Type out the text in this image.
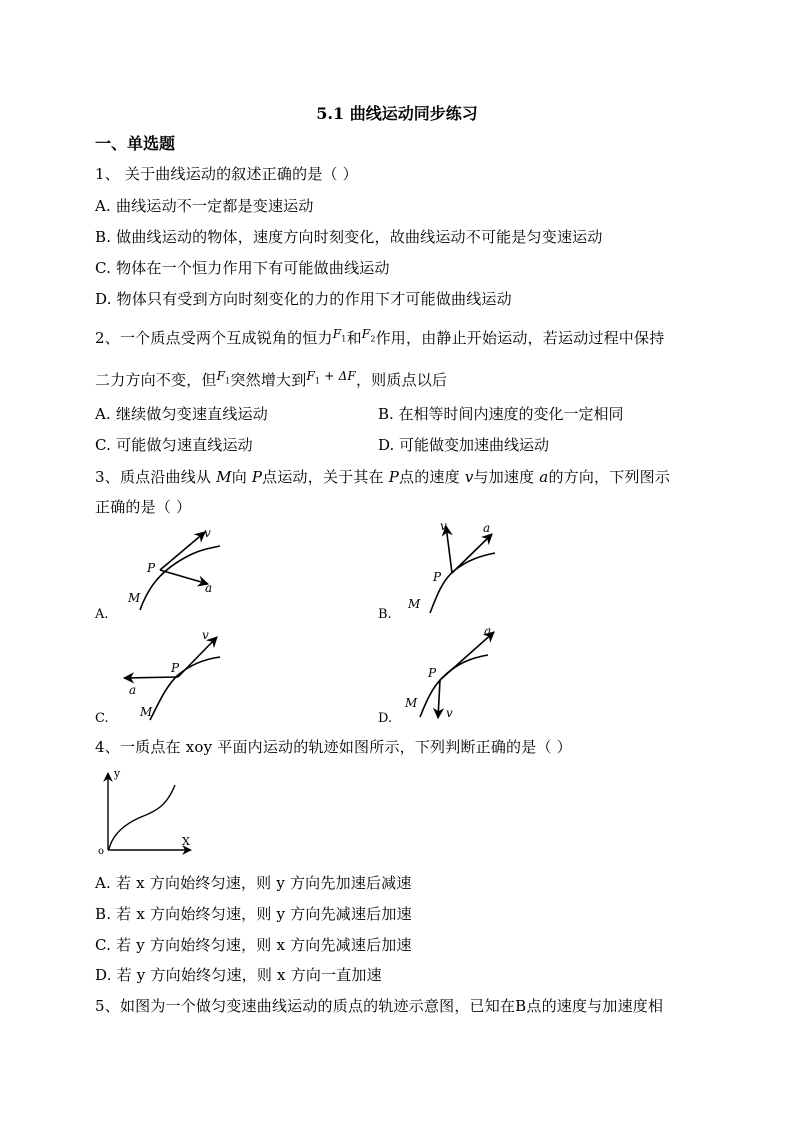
5.1 曲线运动同步练习
一、单选题
1、 关于曲线运动的叙述正确的是（ ）
A. 曲线运动不一定都是变速运动
B. 做曲线运动的物体，速度方向时刻变化，故曲线运动不可能是匀变速运动
C. 物体在一个恒力作用下有可能做曲线运动
D. 物体只有受到方向时刻变化的力的作用下才可能做曲线运动
2、一个质点受两个互成锐角的恒力$^{F_1}$和$^{F_2}$作用，由静止开始运动，若运动过程中保持
二力方向不变，但$^{F_1}$突然增大到$^{F_1 + \Delta F}$，则质点以后
A. 继续做匀变速直线运动	B. 在相等时间内速度的变化一定相同
C. 可能做匀速直线运动	D. 可能做变加速曲线运动
3、质点沿曲线从 M向 P点运动，关于其在 P点的速度 v与加速度 a的方向，下列图示
正确的是（ ）
A.
P
M
v
a
B.
P
M
v	a
C.
P
M
v
a
D.
P
M
v
a
4、一质点在 xoy 平面内运动的轨迹如图所示，下列判断正确的是（ ）
y
X
o
A. 若 x 方向始终匀速，则 y 方向先加速后减速
B. 若 x 方向始终匀速，则 y 方向先减速后加速
C. 若 y 方向始终匀速，则 x 方向先减速后加速
D. 若 y 方向始终匀速，则 x 方向一直加速
5、如图为一个做匀变速曲线运动的质点的轨迹示意图，已知在B点的速度与加速度相
